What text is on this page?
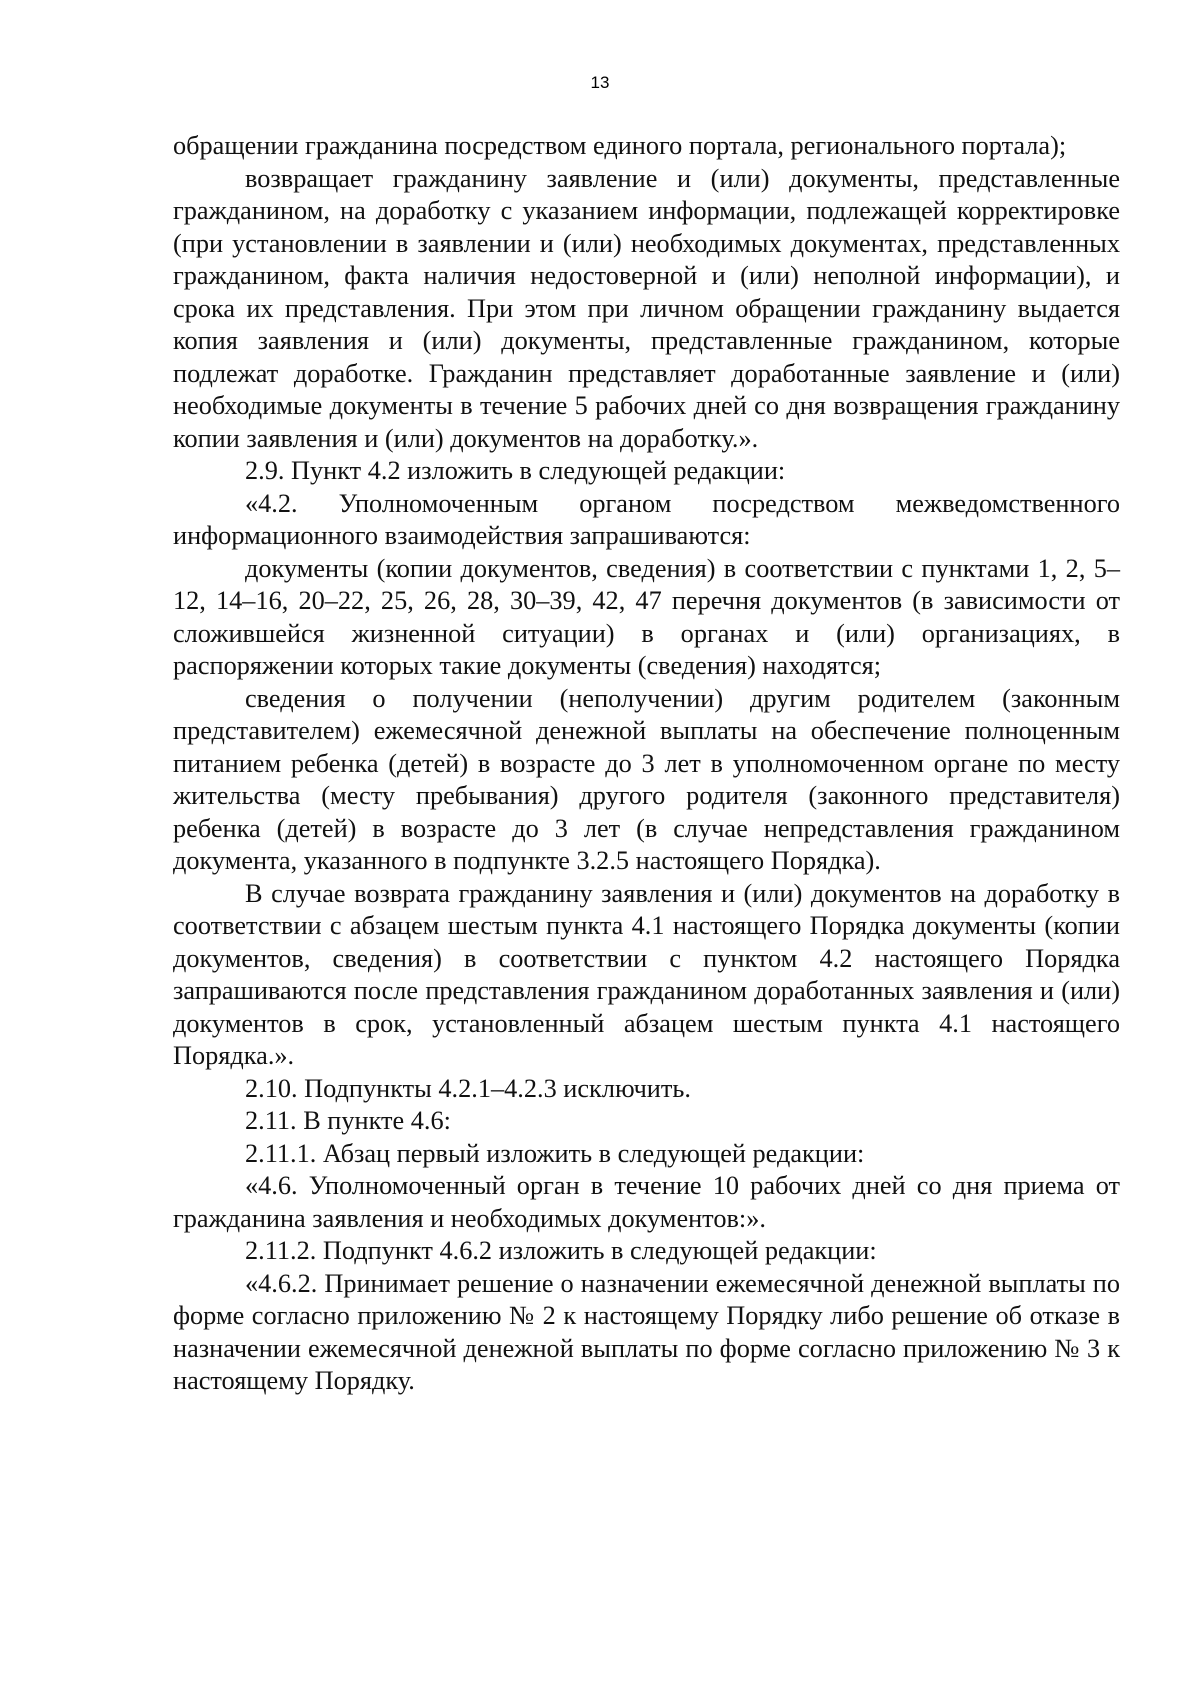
13

обращении гражданина посредством единого портала, регионального портала);

возвращает гражданину заявление и (или) документы, представленные гражданином, на доработку с указанием информации, подлежащей корректировке (при установлении в заявлении и (или) необходимых документах, представленных гражданином, факта наличия недостоверной и (или) неполной информации), и срока их представления. При этом при личном обращении гражданину выдается копия заявления и (или) документы, представленные гражданином, которые подлежат доработке. Гражданин представляет доработанные заявление и (или) необходимые документы в течение 5 рабочих дней со дня возвращения гражданину копии заявления и (или) документов на доработку.».

2.9. Пункт 4.2 изложить в следующей редакции:

«4.2. Уполномоченным органом посредством межведомственного информационного взаимодействия запрашиваются:

документы (копии документов, сведения) в соответствии с пунктами 1, 2, 5–12, 14–16, 20–22, 25, 26, 28, 30–39, 42, 47 перечня документов (в зависимости от сложившейся жизненной ситуации) в органах и (или) организациях, в распоряжении которых такие документы (сведения) находятся;

сведения о получении (неполучении) другим родителем (законным представителем) ежемесячной денежной выплаты на обеспечение полноценным питанием ребенка (детей) в возрасте до 3 лет в уполномоченном органе по месту жительства (месту пребывания) другого родителя (законного представителя) ребенка (детей) в возрасте до 3 лет (в случае непредставления гражданином документа, указанного в подпункте 3.2.5 настоящего Порядка).

В случае возврата гражданину заявления и (или) документов на доработку в соответствии с абзацем шестым пункта 4.1 настоящего Порядка документы (копии документов, сведения) в соответствии с пунктом 4.2 настоящего Порядка запрашиваются после представления гражданином доработанных заявления и (или) документов в срок, установленный абзацем шестым пункта 4.1 настоящего Порядка.».

2.10. Подпункты 4.2.1–4.2.3 исключить.

2.11. В пункте 4.6:

2.11.1. Абзац первый изложить в следующей редакции:

«4.6. Уполномоченный орган в течение 10 рабочих дней со дня приема от гражданина заявления и необходимых документов:».

2.11.2. Подпункт 4.6.2 изложить в следующей редакции:

«4.6.2. Принимает решение о назначении ежемесячной денежной выплаты по форме согласно приложению № 2 к настоящему Порядку либо решение об отказе в назначении ежемесячной денежной выплаты по форме согласно приложению № 3 к настоящему Порядку.
